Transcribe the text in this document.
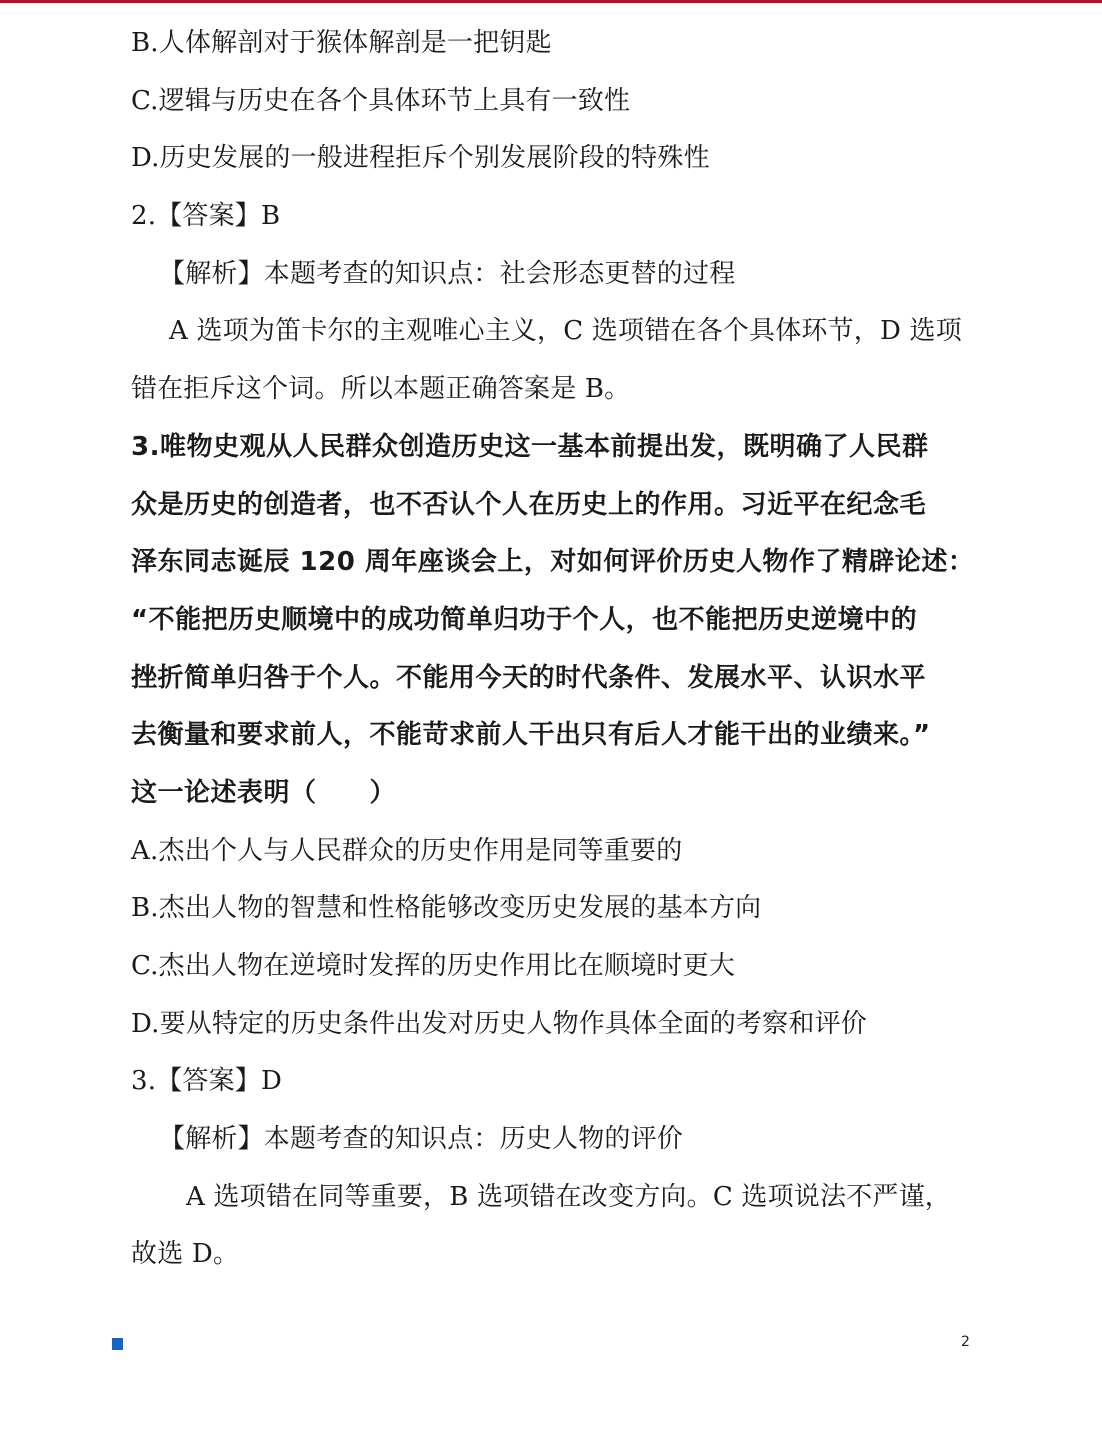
B.人体解剖对于猴体解剖是一把钥匙
C.逻辑与历史在各个具体环节上具有一致性
D.历史发展的一般进程拒斥个别发展阶段的特殊性
2.【答案】B
【解析】本题考查的知识点：社会形态更替的过程
A 选项为笛卡尔的主观唯心主义，C 选项错在各个具体环节，D 选项
错在拒斥这个词。所以本题正确答案是 B。
3.唯物史观从人民群众创造历史这一基本前提出发，既明确了人民群
众是历史的创造者，也不否认个人在历史上的作用。习近平在纪念毛
泽东同志诞辰 120 周年座谈会上，对如何评价历史人物作了精辟论述：
“不能把历史顺境中的成功简单归功于个人，也不能把历史逆境中的
挫折简单归咎于个人。不能用今天的时代条件、发展水平、认识水平
去衡量和要求前人，不能苛求前人干出只有后人才能干出的业绩来。”
这一论述表明（　　）
A.杰出个人与人民群众的历史作用是同等重要的
B.杰出人物的智慧和性格能够改变历史发展的基本方向
C.杰出人物在逆境时发挥的历史作用比在顺境时更大
D.要从特定的历史条件出发对历史人物作具体全面的考察和评价
3.【答案】D
【解析】本题考查的知识点：历史人物的评价
A 选项错在同等重要，B 选项错在改变方向。C 选项说法不严谨，
故选 D。
2
